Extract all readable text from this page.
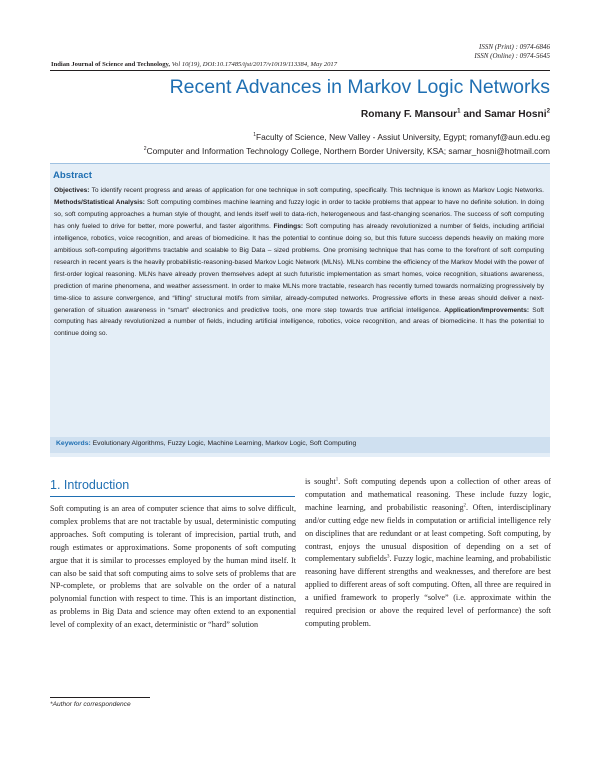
ISSN (Print) : 0974-6846
ISSN (Online) : 0974-5645
Indian Journal of Science and Technology, Vol 10(19), DOI:10.17485/ijst/2017/v10i19/113384, May 2017
Recent Advances in Markov Logic Networks
Romany F. Mansour$^1$ and Samar Hosni$^2$
$^1$Faculty of Science, New Valley - Assiut University, Egypt; romanyf@aun.edu.eg
$^2$Computer and Information Technology College, Northern Border University, KSA; samar_hosni@hotmail.com
Abstract
Objectives: To identify recent progress and areas of application for one technique in soft computing, specifically. This technique is known as Markov Logic Networks. Methods/Statistical Analysis: Soft computing combines machine learning and fuzzy logic in order to tackle problems that appear to have no definite solution. In doing so, soft computing approaches a human style of thought, and lends itself well to data-rich, heterogeneous and fast-changing scenarios. The success of soft computing has only fueled to drive for better, more powerful, and faster algorithms. Findings: Soft computing has already revolutionized a number of fields, including artificial intelligence, robotics, voice recognition, and areas of biomedicine. It has the potential to continue doing so, but this future success depends heavily on making more ambitious soft-computing algorithms tractable and scalable to Big Data – sized problems. One promising technique that has come to the forefront of soft computing research in recent years is the heavily probabilistic-reasoning-based Markov Logic Network (MLNs). MLNs combine the efficiency of the Markov Model with the power of first-order logical reasoning. MLNs have already proven themselves adept at such futuristic implementation as smart homes, voice recognition, situations awareness, prediction of marine phenomena, and weather assessment. In order to make MLNs more tractable, research has recently turned towards normalizing progressively by time-slice to assure convergence, and “lifting” structural motifs from similar, already-computed networks. Progressive efforts in these areas should deliver a next-generation of situation awareness in “smart” electronics and predictive tools, one more step towards true artificial intelligence. Application/Improvements: Soft computing has already revolutionized a number of fields, including artificial intelligence, robotics, voice recognition, and areas of biomedicine. It has the potential to continue doing so.
Keywords: Evolutionary Algorithms, Fuzzy Logic, Machine Learning, Markov Logic, Soft Computing
1. Introduction
Soft computing is an area of computer science that aims to solve difficult, complex problems that are not tractable by usual, deterministic computing approaches. Soft computing is tolerant of imprecision, partial truth, and rough estimates or approximations. Some proponents of soft computing argue that it is similar to processes employed by the human mind itself. It can also be said that soft computing aims to solve sets of problems that are NP-complete, or problems that are solvable on the order of a natural polynomial function with respect to time. This is an important distinction, as problems in Big Data and science may often extend to an exponential level of complexity of an exact, deterministic or “hard” solution
is sought$^1$. Soft computing depends upon a collection of other areas of computation and mathematical reasoning. These include fuzzy logic, machine learning, and probabilistic reasoning$^2$. Often, interdisciplinary and/or cutting edge new fields in computation or artificial intelligence rely on disciplines that are redundant or at least competing. Soft computing, by contrast, enjoys the unusual disposition of depending on a set of complementary subfields$^3$. Fuzzy logic, machine learning, and probabilistic reasoning have different strengths and weaknesses, and therefore are best applied to different areas of soft computing. Often, all three are required in a unified framework to properly “solve” (i.e. approximate within the required precision or above the required level of performance) the soft computing problem.
*Author for correspondence
